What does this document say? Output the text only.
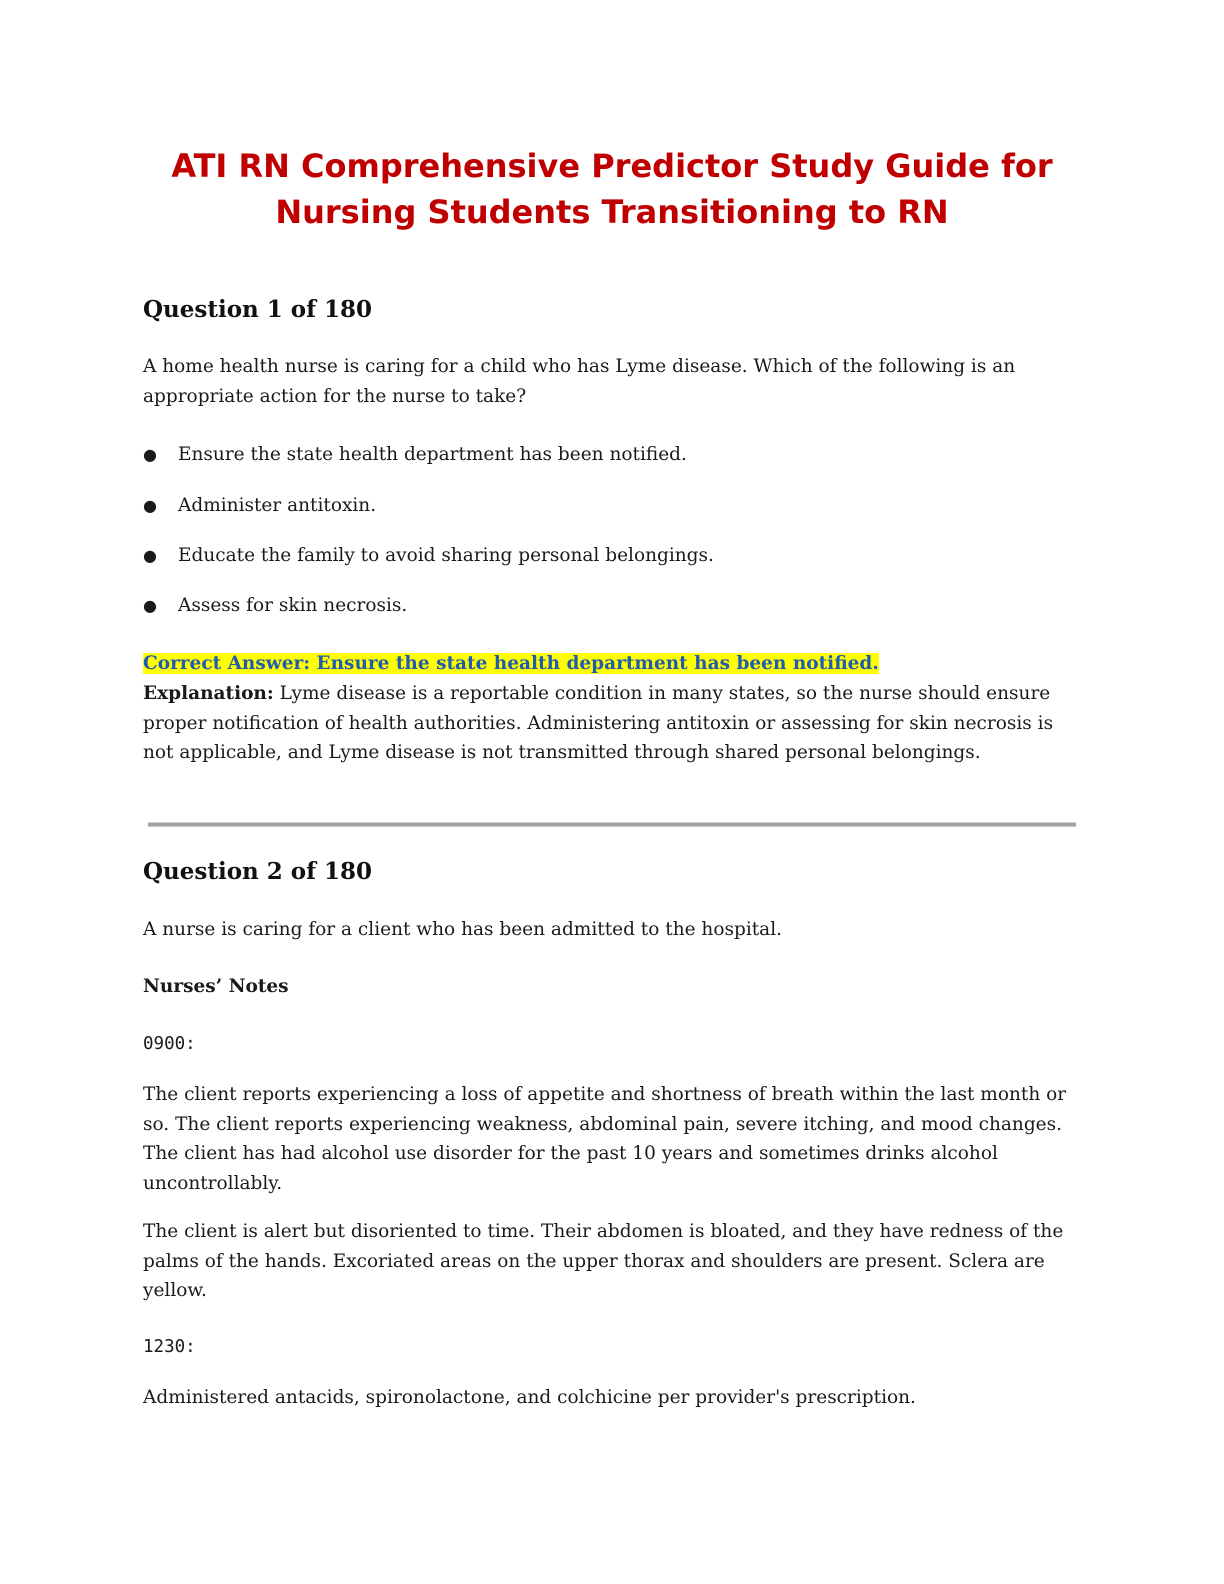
ATI RN Comprehensive Predictor Study Guide for
Nursing Students Transitioning to RN
Question 1 of 180
A home health nurse is caring for a child who has Lyme disease. Which of the following is an
appropriate action for the nurse to take?
● Ensure the state health department has been notified.
● Administer antitoxin.
● Educate the family to avoid sharing personal belongings.
● Assess for skin necrosis.
Correct Answer: Ensure the state health department has been notified.
Explanation: Lyme disease is a reportable condition in many states, so the nurse should ensure
proper notification of health authorities. Administering antitoxin or assessing for skin necrosis is
not applicable, and Lyme disease is not transmitted through shared personal belongings.
Question 2 of 180
A nurse is caring for a client who has been admitted to the hospital.
Nurses’ Notes
0900:
The client reports experiencing a loss of appetite and shortness of breath within the last month or
so. The client reports experiencing weakness, abdominal pain, severe itching, and mood changes.
The client has had alcohol use disorder for the past 10 years and sometimes drinks alcohol
uncontrollably.
The client is alert but disoriented to time. Their abdomen is bloated, and they have redness of the
palms of the hands. Excoriated areas on the upper thorax and shoulders are present. Sclera are
yellow.
1230:
Administered antacids, spironolactone, and colchicine per provider's prescription.
